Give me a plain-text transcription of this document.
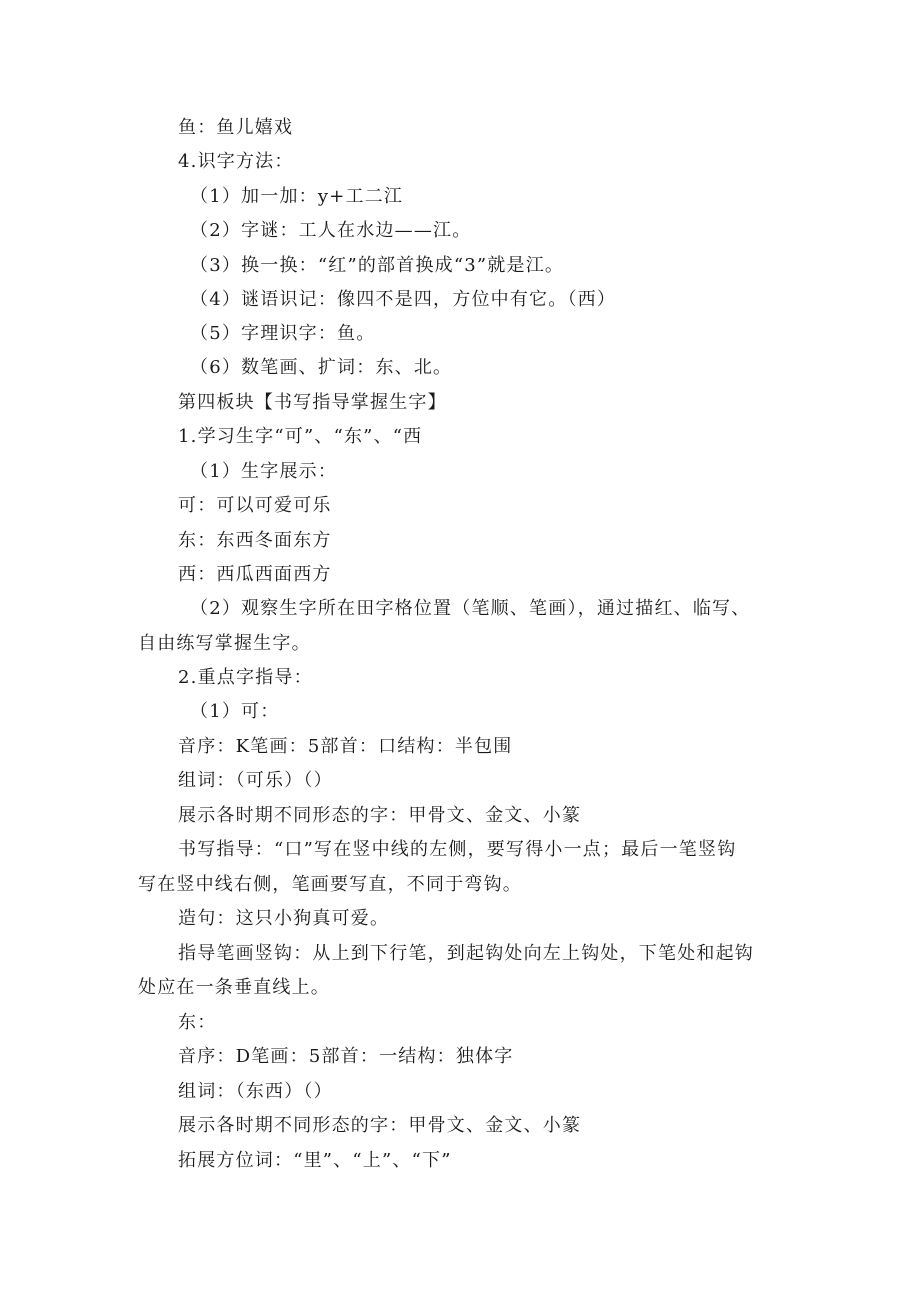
鱼：鱼儿嬉戏
4.识字方法：
（1）加一加：y+工二江
（2）字谜：工人在水边——江。
（3）换一换：“红”的部首换成“3”就是江。
（4）谜语识记：像四不是四，方位中有它。（西）
（5）字理识字：鱼。
（6）数笔画、扩词：东、北。
第四板块【书写指导掌握生字】
1.学习生字“可”、“东”、“西
（1）生字展示：
可：可以可爱可乐
东：东西冬面东方
西：西瓜西面西方
（2）观察生字所在田字格位置（笔顺、笔画），通过描红、临写、
自由练写掌握生字。
2.重点字指导：
（1）可：
音序：K笔画：5部首：口结构：半包围
组词：（可乐）（）
展示各时期不同形态的字：甲骨文、金文、小篆
书写指导：“口”写在竖中线的左侧，要写得小一点；最后一笔竖钩
写在竖中线右侧，笔画要写直，不同于弯钩。
造句：这只小狗真可爱。
指导笔画竖钩：从上到下行笔，到起钩处向左上钩处，下笔处和起钩
处应在一条垂直线上。
东：
音序：D笔画：5部首：一结构：独体字
组词：（东西）（）
展示各时期不同形态的字：甲骨文、金文、小篆
拓展方位词：“里”、“上”、“下”
